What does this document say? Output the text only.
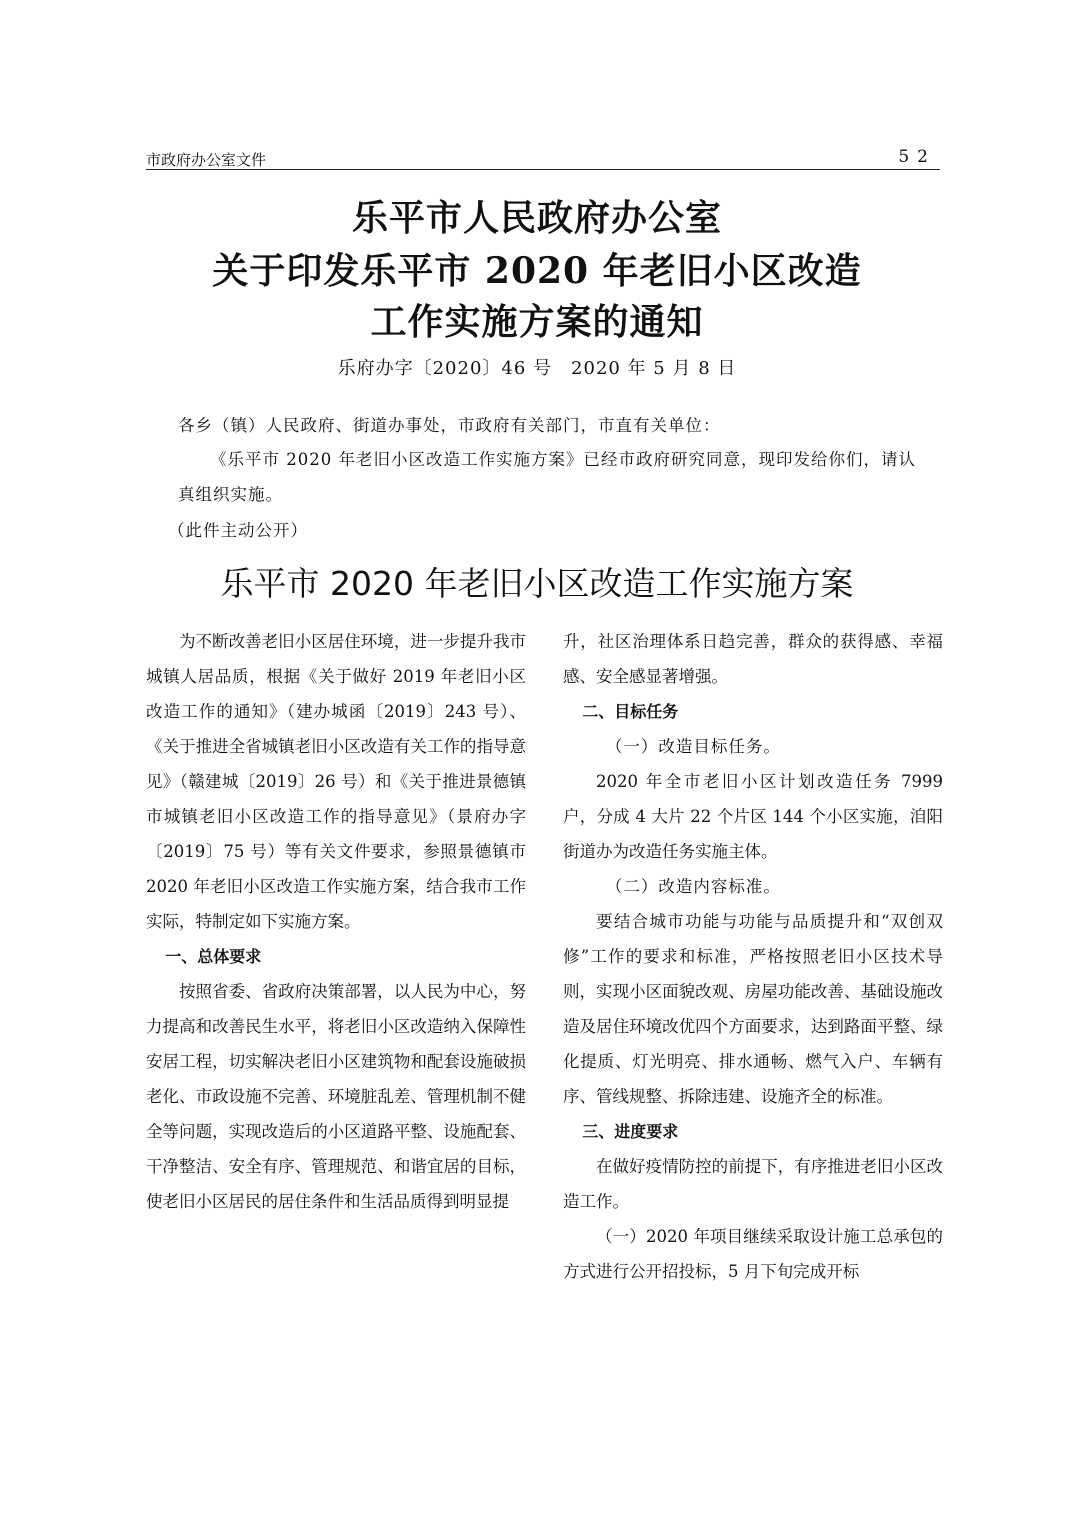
市政府办公室文件	52
乐平市人民政府办公室
关于印发乐平市 2020 年老旧小区改造
工作实施方案的通知
乐府办字〔2020〕46 号　2020 年 5 月 8 日
各乡（镇）人民政府、街道办事处，市政府有关部门，市直有关单位：
《乐平市 2020 年老旧小区改造工作实施方案》已经市政府研究同意，现印发给你们，请认
真组织实施。
（此件主动公开）
乐平市 2020 年老旧小区改造工作实施方案

为不断改善老旧小区居住环境，进一步提升我市城镇人居品质，根据《关于做好 2019 年老旧小区改造工作的通知》（建办城函〔2019〕243 号）、《关于推进全省城镇老旧小区改造有关工作的指导意见》（赣建城〔2019〕26 号）和《关于推进景德镇市城镇老旧小区改造工作的指导意见》（景府办字〔2019〕75 号）等有关文件要求，参照景德镇市 2020 年老旧小区改造工作实施方案，结合我市工作实际，特制定如下实施方案。

一、总体要求

按照省委、省政府决策部署，以人民为中心，努力提高和改善民生水平，将老旧小区改造纳入保障性安居工程，切实解决老旧小区建筑物和配套设施破损老化、市政设施不完善、环境脏乱差、管理机制不健全等问题，实现改造后的小区道路平整、设施配套、干净整洁、安全有序、管理规范、和谐宜居的目标，使老旧小区居民的居住条件和生活品质得到明显提

升，社区治理体系日趋完善，群众的获得感、幸福感、安全感显著增强。

二、目标任务

（一）改造目标任务。

2020 年全市老旧小区计划改造任务 7999 户，分成 4 大片 22 个片区 144 个小区实施，洎阳街道办为改造任务实施主体。

（二）改造内容标准。

要结合城市功能与功能与品质提升和“双创双修”工作的要求和标准，严格按照老旧小区技术导则，实现小区面貌改观、房屋功能改善、基础设施改造及居住环境改优四个方面要求，达到路面平整、绿化提质、灯光明亮、排水通畅、燃气入户、车辆有序、管线规整、拆除违建、设施齐全的标准。

三、进度要求

在做好疫情防控的前提下，有序推进老旧小区改造工作。

（一）2020 年项目继续采取设计施工总承包的方式进行公开招投标，5 月下旬完成开标
